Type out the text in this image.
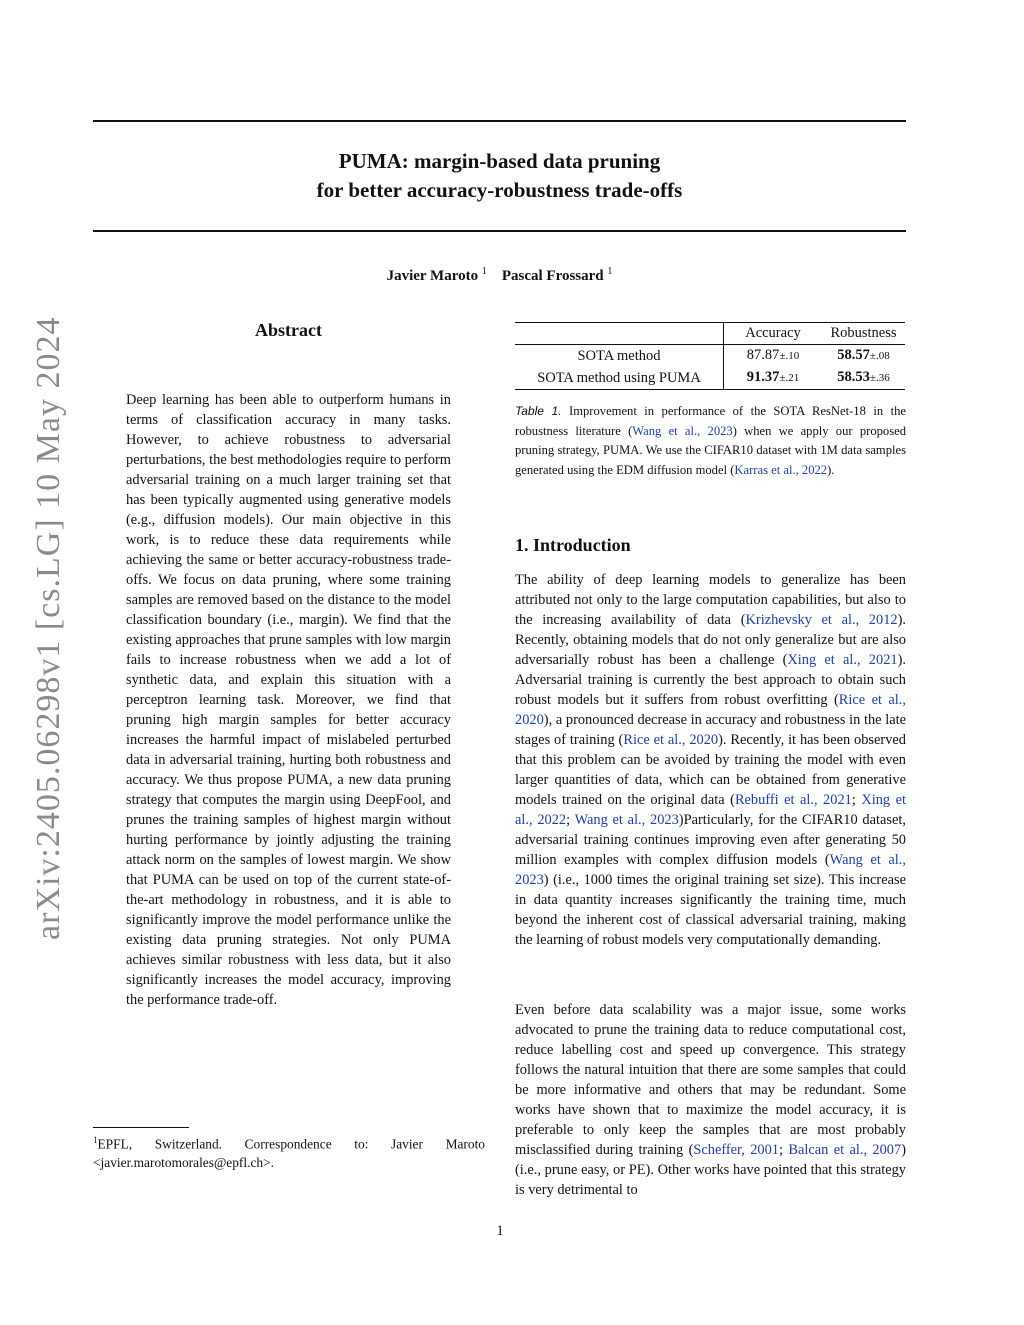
arXiv:2405.06298v1 [cs.LG] 10 May 2024
PUMA: margin-based data pruning
for better accuracy-robustness trade-offs
Javier Maroto $^1$ Pascal Frossard $^1$
Abstract
Deep learning has been able to outperform humans in terms of classification accuracy in many tasks. However, to achieve robustness to adversarial perturbations, the best methodologies require to perform adversarial training on a much larger training set that has been typically augmented using generative models (e.g., diffusion models). Our main objective in this work, is to reduce these data requirements while achieving the same or better accuracy-robustness trade-offs. We focus on data pruning, where some training samples are removed based on the distance to the model classification boundary (i.e., margin). We find that the existing approaches that prune samples with low margin fails to increase robustness when we add a lot of synthetic data, and explain this situation with a perceptron learning task. Moreover, we find that pruning high margin samples for better accuracy increases the harmful impact of mislabeled perturbed data in adversarial training, hurting both robustness and accuracy. We thus propose PUMA, a new data pruning strategy that computes the margin using DeepFool, and prunes the training samples of highest margin without hurting performance by jointly adjusting the training attack norm on the samples of lowest margin. We show that PUMA can be used on top of the current state-of-the-art methodology in robustness, and it is able to significantly improve the model performance unlike the existing data pruning strategies. Not only PUMA achieves similar robustness with less data, but it also significantly increases the model accuracy, improving the performance trade-off.
$^1$EPFL, Switzerland. Correspondence to: Javier Maroto <javier.marotomorales@epfl.ch>.
	Accuracy	Robustness
SOTA method	87.87±.10	58.57±.08
SOTA method using PUMA	91.37±.21	58.53±.36
Table 1. Improvement in performance of the SOTA ResNet-18 in the robustness literature (Wang et al., 2023) when we apply our proposed pruning strategy, PUMA. We use the CIFAR10 dataset with 1M data samples generated using the EDM diffusion model (Karras et al., 2022).
1. Introduction

The ability of deep learning models to generalize has been attributed not only to the large computation capabilities, but also to the increasing availability of data (Krizhevsky et al., 2012). Recently, obtaining models that do not only generalize but are also adversarially robust has been a challenge (Xing et al., 2021). Adversarial training is currently the best approach to obtain such robust models but it suffers from robust overfitting (Rice et al., 2020), a pronounced decrease in accuracy and robustness in the late stages of training (Rice et al., 2020). Recently, it has been observed that this problem can be avoided by training the model with even larger quantities of data, which can be obtained from generative models trained on the original data (Rebuffi et al., 2021; Xing et al., 2022; Wang et al., 2023)Particularly, for the CIFAR10 dataset, adversarial training continues improving even after generating 50 million examples with complex diffusion models (Wang et al., 2023) (i.e., 1000 times the original training set size). This increase in data quantity increases significantly the training time, much beyond the inherent cost of classical adversarial training, making the learning of robust models very computationally demanding.

Even before data scalability was a major issue, some works advocated to prune the training data to reduce computational cost, reduce labelling cost and speed up convergence. This strategy follows the natural intuition that there are some samples that could be more informative and others that may be redundant. Some works have shown that to maximize the model accuracy, it is preferable to only keep the samples that are most probably misclassified during training (Scheffer, 2001; Balcan et al., 2007) (i.e., prune easy, or PE). Other works have pointed that this strategy is very detrimental to

1
